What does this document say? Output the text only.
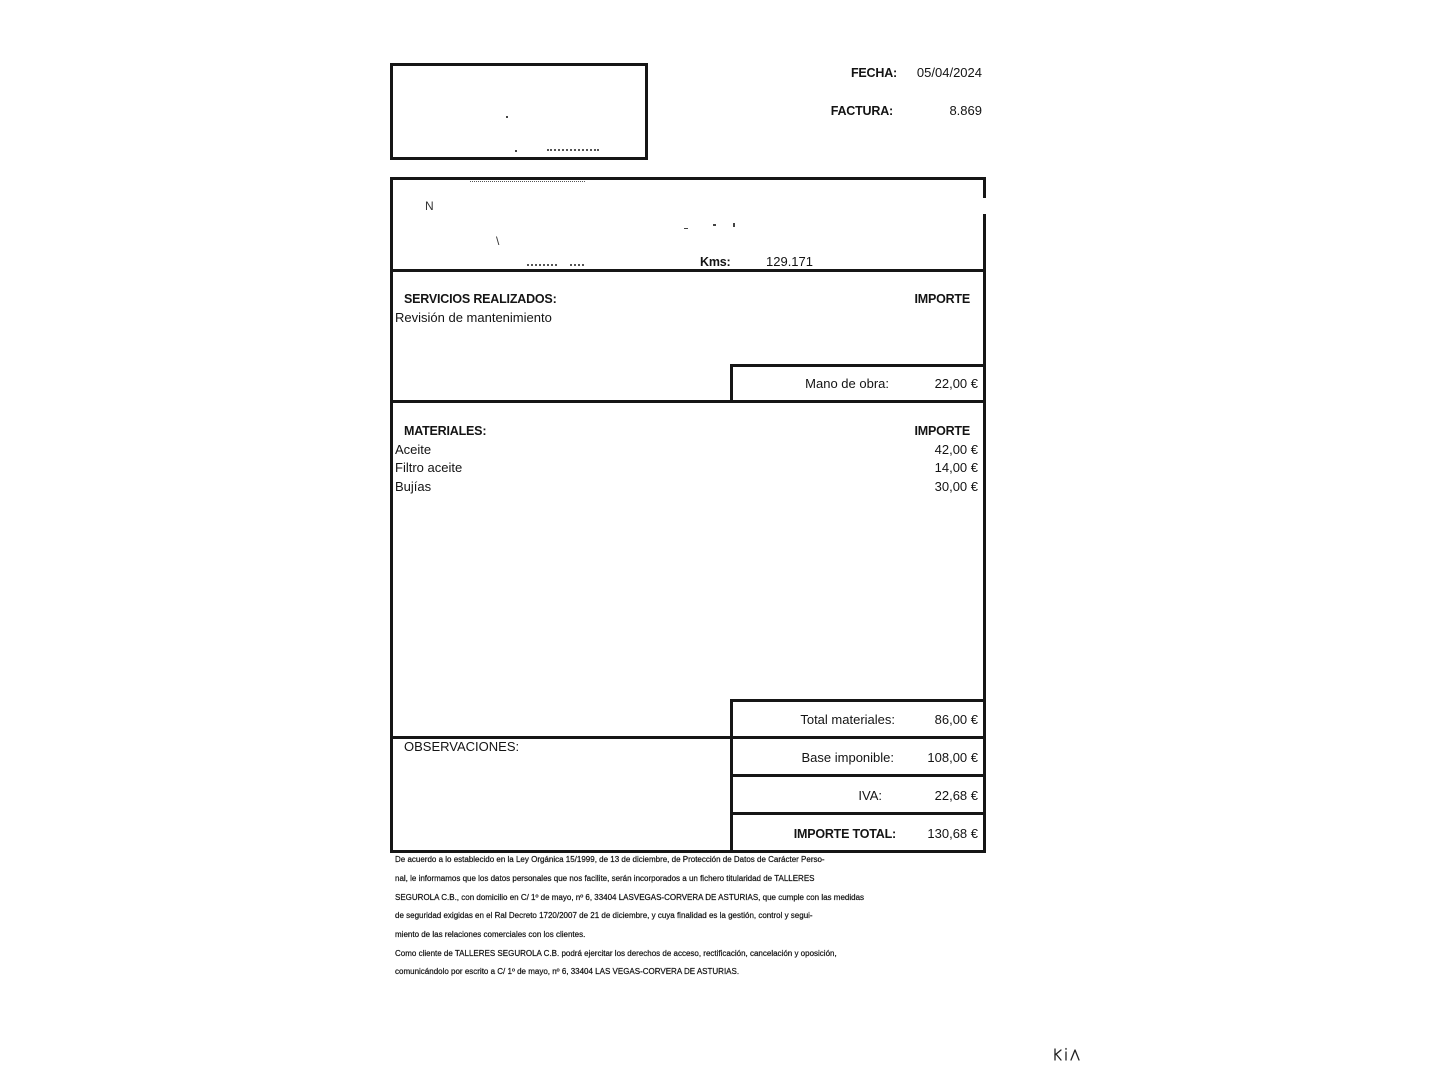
FECHA: 05/04/2024
FACTURA:	8.869
N
\
Kms:	129.171
SERVICIOS REALIZADOS:	IMPORTE
Revisión de mantenimiento
Mano de obra:	22,00 €
MATERIALES:	IMPORTE
Aceite	42,00 €
Filtro aceite	14,00 €
Bujías	30,00 €
Total materiales:	86,00 €
Base imponible:	108,00 €
IVA:	22,68 €
IMPORTE TOTAL: 130,68 €
OBSERVACIONES:
De acuerdo a lo establecido en la Ley Orgánica 15/1999, de 13 de diciembre, de Protección de Datos de Carácter Perso-
nal, le informamos que los datos personales que nos facilite, serán incorporados a un fichero titularidad de TALLERES
SEGUROLA C.B., con domicilio en C/ 1º de mayo, nº 6, 33404 LASVEGAS-CORVERA DE ASTURIAS, que cumple con las medidas
de seguridad exigidas en el Ral Decreto 1720/2007 de 21 de diciembre, y cuya finalidad es la gestión, control y segui-
miento de las relaciones comerciales con los clientes.
Como cliente de TALLERES SEGUROLA C.B. podrá ejercitar los derechos de acceso, rectificación, cancelación y oposición,
comunicándolo por escrito a C/ 1º de mayo, nº 6, 33404 LAS VEGAS-CORVERA DE ASTURIAS.
